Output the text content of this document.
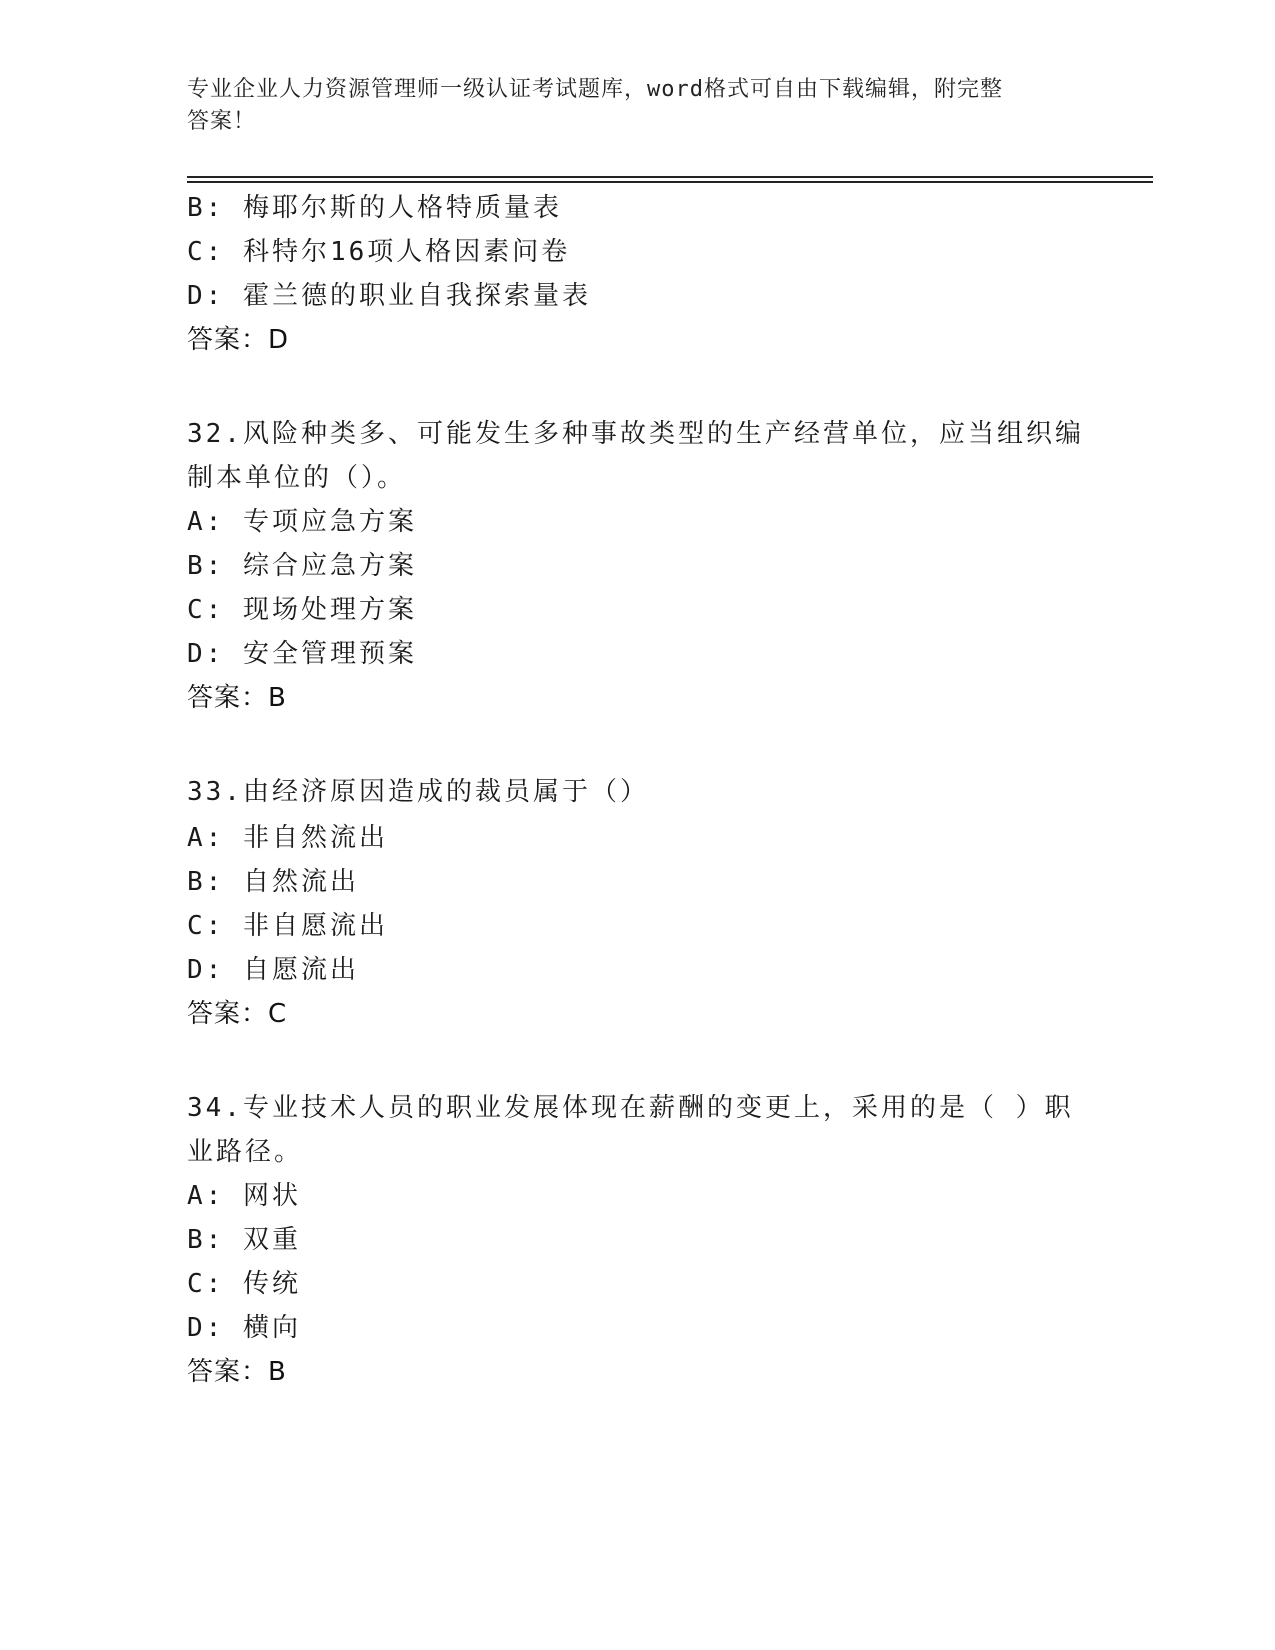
专业企业人力资源管理师一级认证考试题库，word格式可自由下载编辑，附完整
答案！
B: 梅耶尔斯的人格特质量表
C: 科特尔16项人格因素问卷
D: 霍兰德的职业自我探索量表
答案：D
32.风险种类多、可能发生多种事故类型的生产经营单位，应当组织编
制本单位的（）。
A: 专项应急方案
B: 综合应急方案
C: 现场处理方案
D: 安全管理预案
答案：B
33.由经济原因造成的裁员属于（）
A: 非自然流出
B: 自然流出
C: 非自愿流出
D: 自愿流出
答案：C
34.专业技术人员的职业发展体现在薪酬的变更上，采用的是（ ）职
业路径。
A: 网状
B: 双重
C: 传统
D: 横向
答案：B
